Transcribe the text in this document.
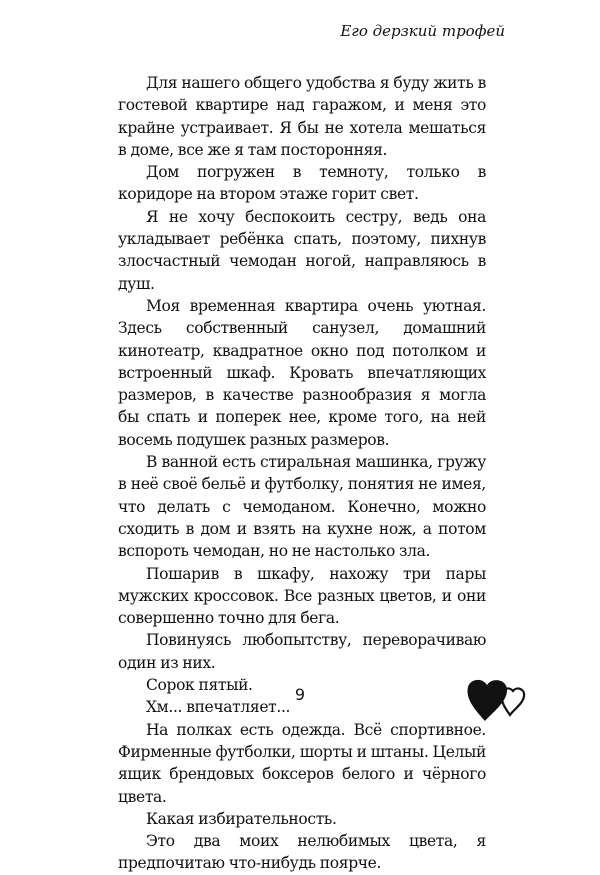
Его дерзкий трофей

Для нашего общего удобства я буду жить в гостевой квартире над гаражом, и меня это крайне устраивает. Я бы не хотела мешаться в доме, все же я там посторонняя.

Дом погружен в темноту, только в коридоре на втором этаже горит свет.

Я не хочу беспокоить сестру, ведь она укладывает ребёнка спать, поэтому, пихнув злосчастный чемодан ногой, направляюсь в душ.

Моя временная квартира очень уютная. Здесь собственный санузел, домашний кинотеатр, квадратное окно под потолком и встроенный шкаф. Кровать впечатляющих размеров, в качестве разнообразия я могла бы спать и поперек нее, кроме того, на ней восемь подушек разных размеров.

В ванной есть стиральная машинка, гружу в неё своё бельё и футболку, понятия не имея, что делать с чемоданом. Конечно, можно сходить в дом и взять на кухне нож, а потом вспороть чемодан, но не настолько зла.

Пошарив в шкафу, нахожу три пары мужских кроссовок. Все разных цветов, и они совершенно точно для бега.

Повинуясь любопытству, переворачиваю один из них.

Сорок пятый.

Хм... впечатляет...

На полках есть одежда. Всё спортивное. Фирменные футболки, шорты и штаны. Целый ящик брендовых боксеров белого и чёрного цвета.

Какая избирательность.

Это два моих нелюбимых цвета, я предпочитаю что-нибудь поярче.

9
